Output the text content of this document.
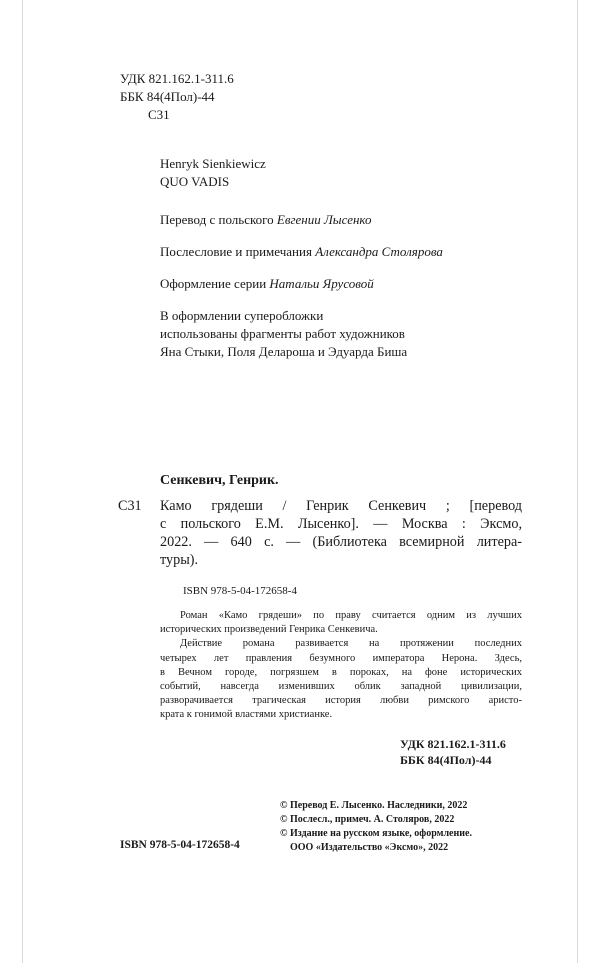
УДК 821.162.1-311.6
ББК 84(4Пол)-44
С31
Henryk Sienkiewicz
QUO VADIS
Перевод с польского Евгении Лысенко
Послесловие и примечания Александра Столярова
Оформление серии Натальи Ярусовой
В оформлении суперобложки
использованы фрагменты работ художников
Яна Стыки, Поля Делароша и Эдуарда Биша
Сенкевич, Генрик.
С31 Камо грядеши / Генрик Сенкевич ; [перевод
с польского Е.М. Лысенко]. — Москва : Эксмо,
2022. — 640 с. — (Библиотека всемирной литера-
туры).
ISBN 978-5-04-172658-4
Роман «Камо грядеши» по праву считается одним из лучших
исторических произведений Генрика Сенкевича.
Действие романа развивается на протяжении последних
четырех лет правления безумного императора Нерона. Здесь,
в Вечном городе, погрязшем в пороках, на фоне исторических
событий, навсегда изменивших облик западной цивилизации,
разворачивается трагическая история любви римского аристо-
крата к гонимой властями христианке.
УДК 821.162.1-311.6
ББК 84(4Пол)-44
ISBN 978-5-04-172658-4
© Перевод Е. Лысенко. Наследники, 2022
© Послесл., примеч. А. Столяров, 2022
© Издание на русском языке, оформление.
ООО «Издательство «Эксмо», 2022
